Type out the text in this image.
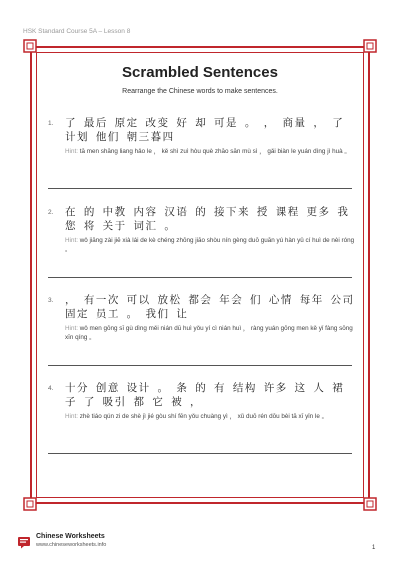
HSK Standard Course 5A – Lesson 8
Scrambled Sentences
Rearrange the Chinese words to make sentences.
1. 了 最后 原定 改变 好 却 可是 。 ， 商量 ， 了 计划 他们 朝三暮四
Hint: tā men shāng liang hǎo le ， kě shì zuì hòu què zhāo sān mù sì ， gǎi biàn le yuán dìng jì huà 。
2. 在 的 中教 内容 汉语 的 接下来 授 课程 更多 我 您 将 关于 词汇 。
Hint: wǒ jiāng zài jiē xià lái de kè chéng zhōng jiāo shòu nín gèng duō guān yú hàn yǔ cí huì de nèi róng 。
3. ， 有一次 可以 放松 都会 年会 们 心情 每年 公司 固定 员工 。 我们 让
Hint: wǒ men gōng sī gù dìng měi nián dū huì yǒu yí cì nián huì ， ràng yuán gōng men kě yǐ fàng sōng xīn qíng 。
4. 十分 创意 设计 。 条 的 有 结构 许多 这 人 裙子 了 吸引 都 它 被 ，
Hint: zhè tiáo qún zi de shè jì jié gòu shí fēn yǒu chuàng yì ， xǔ duō rén dōu bèi tā xī yǐn le 。
Chinese Worksheets
www.chineseworksheets.info	1
